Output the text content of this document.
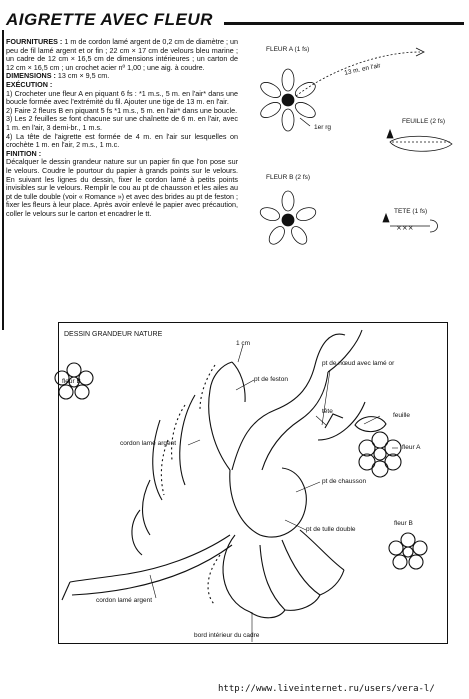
AIGRETTE AVEC FLEUR

FOURNITURES : 1 m de cordon lamé argent de 0,2 cm de diamètre ; un peu de fil lamé argent et or fin ; 22 cm × 17 cm de velours bleu marine ; un cadre de 12 cm × 16,5 cm de dimensions intérieures ; un carton de 12 cm × 16,5 cm ; un crochet acier nº 1,00 ; une aig. à coudre.

DIMENSIONS : 13 cm × 9,5 cm.

EXÉCUTION :

1) Crocheter une fleur A en piquant 6 fs : *1 m.s., 5 m. en l'air* dans une boucle formée avec l'extrémité du fil. Ajouter une tige de 13 m. en l'air.

2) Faire 2 fleurs B en piquant 5 fs *1 m.s., 5 m. en l'air* dans une boucle.

3) Les 2 feuilles se font chacune sur une chaînette de 6 m. en l'air, avec 1 m. en l'air, 3 demi-br., 1 m.s.

4) La tête de l'aigrette est formée de 4 m. en l'air sur lesquelles on crochète 1 m. en l'air, 2 m.s., 1 m.c.

FINITION :

Décalquer le dessin grandeur nature sur un papier fin que l'on pose sur le velours. Coudre le pourtour du papier à grands points sur le velours. En suivant les lignes du dessin, fixer le cordon lamé à petits points invisibles sur le velours. Remplir le cou au pt de chausson et les ailes au pt de tulle double (voir « Romance ») et avec des brides au pt de feston ; fixer les fleurs à leur place. Après avoir enlevé le papier avec précaution, coller le velours sur le carton et encadrer le tt.

FLEUR A (1 fs)
13 m. en l'air
1er rg
FEUILLE (2 fs)
FLEUR B (2 fs)
TETE (1 fs)
×××
DESSIN GRANDEUR NATURE
1 cm
fleur B	pt de feston
pt de nœud avec lamé or
tête
feuille
cordon lamé argent
fleur A
pt de chausson
pt de tulle double
fleur B
cordon lamé argent
bord intérieur du cadre
http://www.liveinternet.ru/users/vera-l/
